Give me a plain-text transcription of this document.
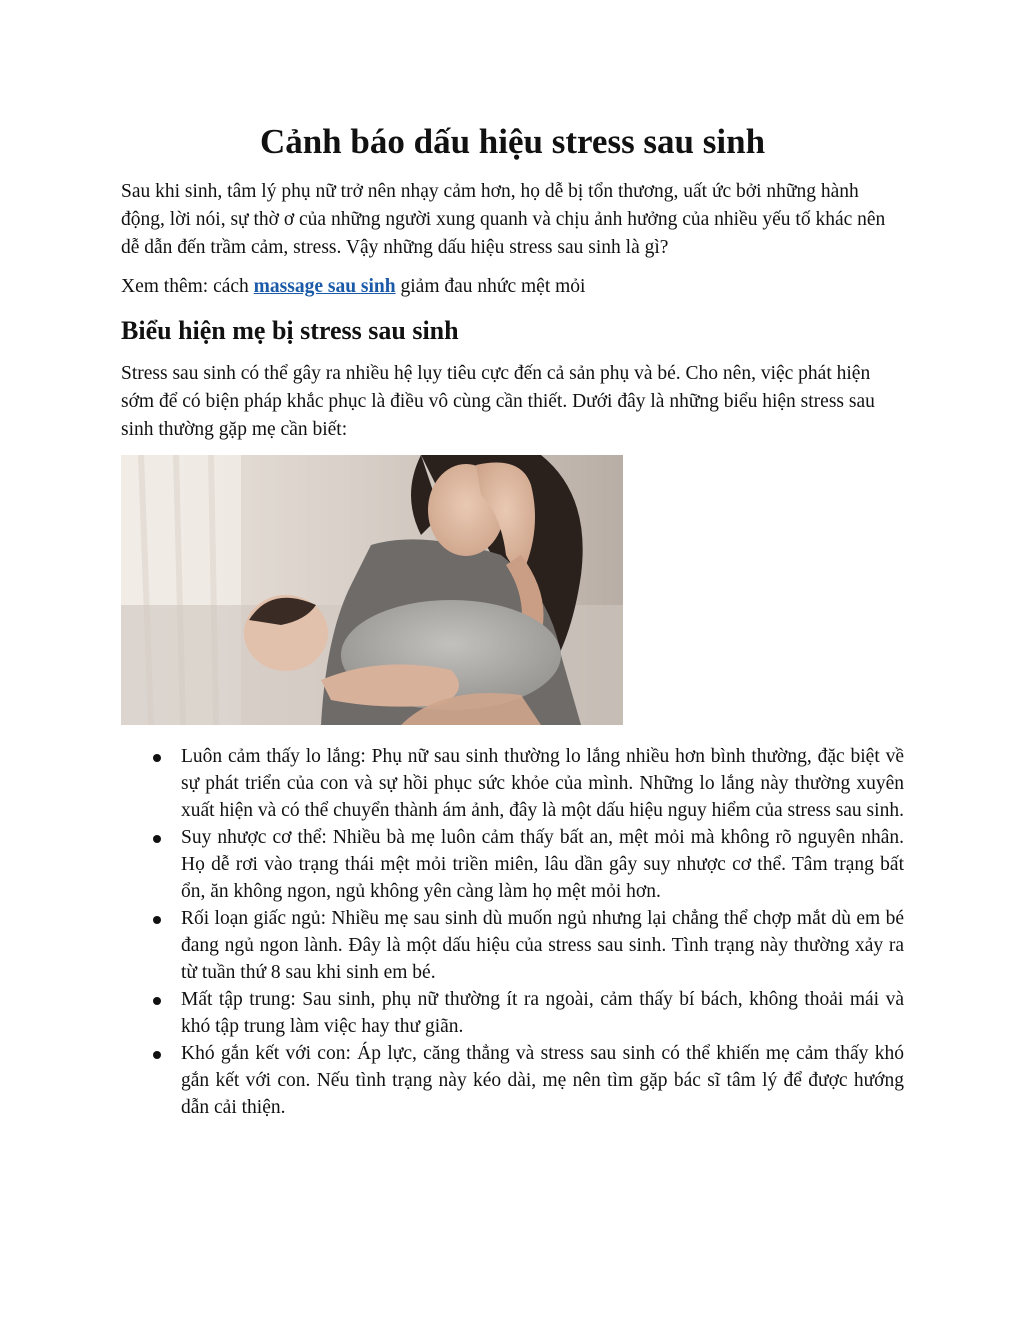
Cảnh báo dấu hiệu stress sau sinh

Sau khi sinh, tâm lý phụ nữ trở nên nhạy cảm hơn, họ dễ bị tổn thương, uất ức bởi những hành động, lời nói, sự thờ ơ của những người xung quanh và chịu ảnh hưởng của nhiều yếu tố khác nên dễ dẫn đến trầm cảm, stress. Vậy những dấu hiệu stress sau sinh là gì?

Xem thêm: cách massage sau sinh giảm đau nhức mệt mỏi

Biểu hiện mẹ bị stress sau sinh

Stress sau sinh có thể gây ra nhiều hệ lụy tiêu cực đến cả sản phụ và bé. Cho nên, việc phát hiện sớm để có biện pháp khắc phục là điều vô cùng cần thiết. Dưới đây là những biểu hiện stress sau sinh thường gặp mẹ cần biết:

Luôn cảm thấy lo lắng: Phụ nữ sau sinh thường lo lắng nhiều hơn bình thường, đặc biệt về sự phát triển của con và sự hồi phục sức khỏe của mình. Những lo lắng này thường xuyên xuất hiện và có thể chuyển thành ám ảnh, đây là một dấu hiệu nguy hiểm của stress sau sinh.
Suy nhược cơ thể: Nhiều bà mẹ luôn cảm thấy bất an, mệt mỏi mà không rõ nguyên nhân. Họ dễ rơi vào trạng thái mệt mỏi triền miên, lâu dần gây suy nhược cơ thể. Tâm trạng bất ổn, ăn không ngon, ngủ không yên càng làm họ mệt mỏi hơn.
Rối loạn giấc ngủ: Nhiều mẹ sau sinh dù muốn ngủ nhưng lại chẳng thể chợp mắt dù em bé đang ngủ ngon lành. Đây là một dấu hiệu của stress sau sinh. Tình trạng này thường xảy ra từ tuần thứ 8 sau khi sinh em bé.
Mất tập trung: Sau sinh, phụ nữ thường ít ra ngoài, cảm thấy bí bách, không thoải mái và khó tập trung làm việc hay thư giãn.
Khó gắn kết với con: Áp lực, căng thẳng và stress sau sinh có thể khiến mẹ cảm thấy khó gắn kết với con. Nếu tình trạng này kéo dài, mẹ nên tìm gặp bác sĩ tâm lý để được hướng dẫn cải thiện.
